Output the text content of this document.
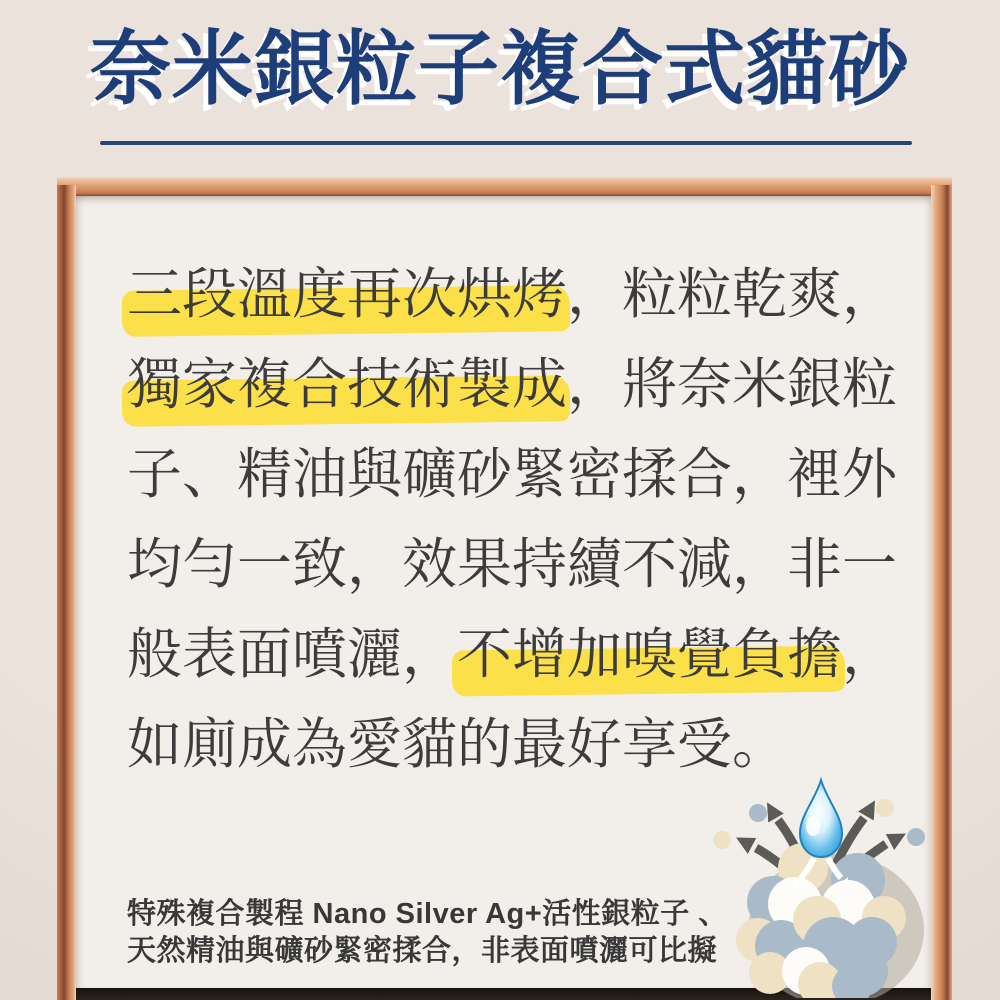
奈米銀粒子複合式貓砂
三段溫度再次烘烤，粒粒乾爽，
獨家複合技術製成，將奈米銀粒
子、精油與礦砂緊密揉合，裡外
均勻一致，效果持續不減，非一
般表面噴灑，不增加嗅覺負擔，
如廁成為愛貓的最好享受。
特殊複合製程 Nano Silver Ag+活性銀粒子 、
天然精油與礦砂緊密揉合，非表面噴灑可比擬
